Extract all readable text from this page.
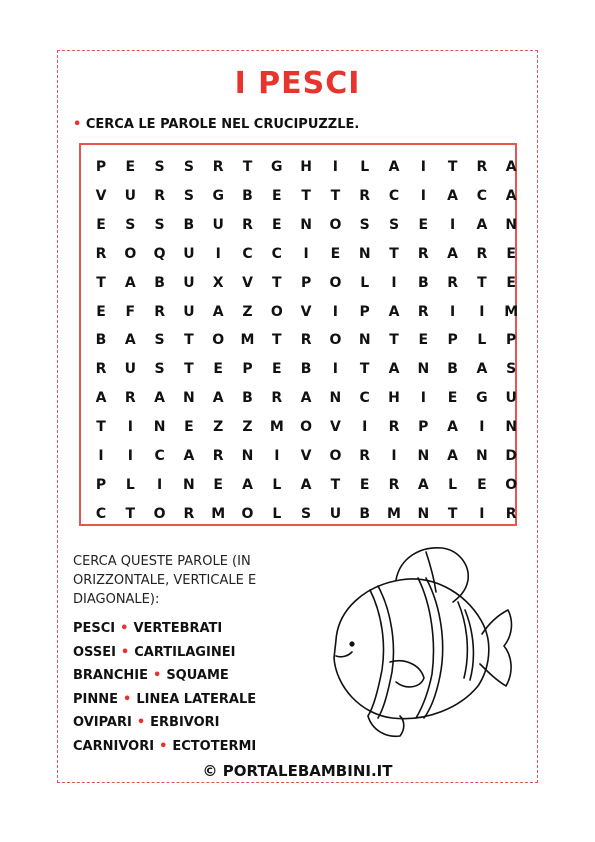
I PESCI
• CERCA LE PAROLE NEL CRUCIPUZZLE.
P	E	S	S	R	T	G	H	I	L	A	I	T	R	A
V	U	R	S	G	B	E	T	T	R	C	I	A	C	A
E	S	S	B	U	R	E	N	O	S	S	E	I	A	N
R	O	Q	U	I	C	C	I	E	N	T	R	A	R	E
T	A	B	U	X	V	T	P	O	L	I	B	R	T	E
E	F	R	U	A	Z	O	V	I	P	A	R	I	I	M
B	A	S	T	O	M	T	R	O	N	T	E	P	L	P
R	U	S	T	E	P	E	B	I	T	A	N	B	A	S
A	R	A	N	A	B	R	A	N	C	H	I	E	G	U
T	I	N	E	Z	Z	M	O	V	I	R	P	A	I	N
I	I	C	A	R	N	I	V	O	R	I	N	A	N	D
P	L	I	N	E	A	L	A	T	E	R	A	L	E	O
C	T	O	R	M	O	L	S	U	B	M	N	T	I	R
CERCA QUESTE PAROLE (IN ORIZZONTALE, VERTICALE E DIAGONALE):
PESCI • VERTEBRATI
OSSEI • CARTILAGINEI
BRANCHIE • SQUAME
PINNE • LINEA LATERALE
OVIPARI • ERBIVORI
CARNIVORI • ECTOTERMI
© PORTALEBAMBINI.IT
